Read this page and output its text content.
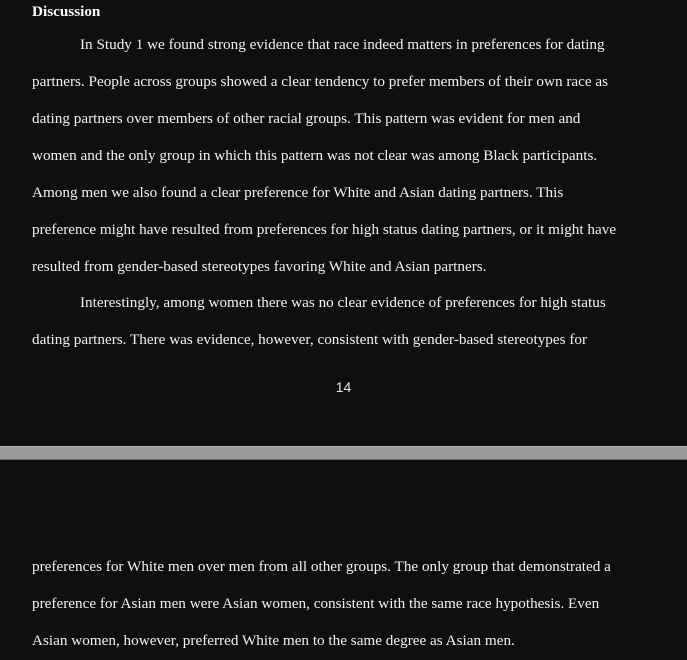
Discussion
In Study 1 we found strong evidence that race indeed matters in preferences for dating
partners. People across groups showed a clear tendency to prefer members of their own race as
dating partners over members of other racial groups. This pattern was evident for men and
women and the only group in which this pattern was not clear was among Black participants.
Among men we also found a clear preference for White and Asian dating partners. This
preference might have resulted from preferences for high status dating partners, or it might have
resulted from gender-based stereotypes favoring White and Asian partners.
Interestingly, among women there was no clear evidence of preferences for high status
dating partners. There was evidence, however, consistent with gender-based stereotypes for
14
preferences for White men over men from all other groups. The only group that demonstrated a
preference for Asian men were Asian women, consistent with the same race hypothesis. Even
Asian women, however, preferred White men to the same degree as Asian men.
